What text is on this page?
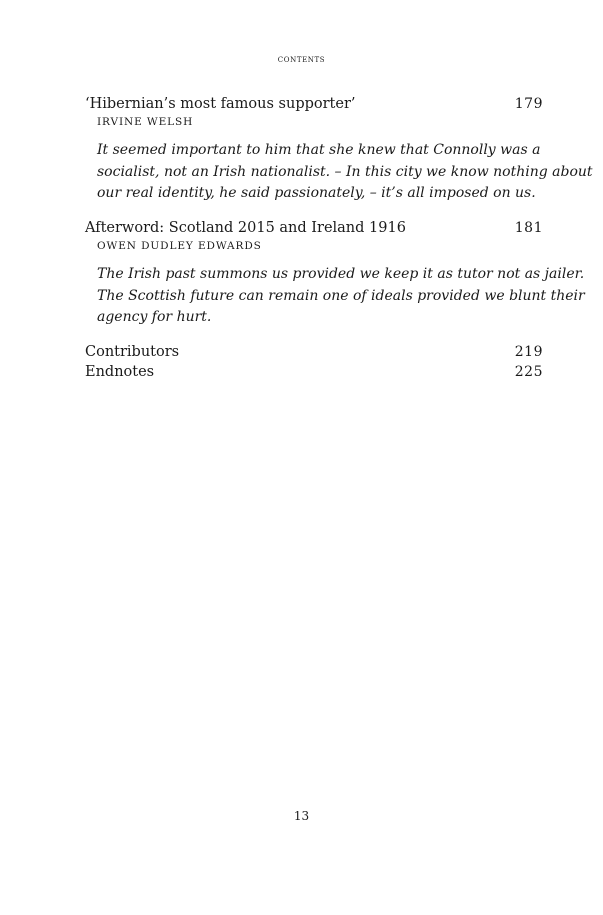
contents
‘Hibernian’s most famous supporter’	179
IRVINE WELSH
It seemed important to him that she knew that Connolly was a
socialist, not an Irish nationalist. – In this city we know nothing about
our real identity, he said passionately, – it’s all imposed on us.
Afterword: Scotland 2015 and Ireland 1916	181
OWEN DUDLEY EDWARDS
The Irish past summons us provided we keep it as tutor not as jailer.
The Scottish future can remain one of ideals provided we blunt their
agency for hurt.
Contributors	219
Endnotes	225
13
